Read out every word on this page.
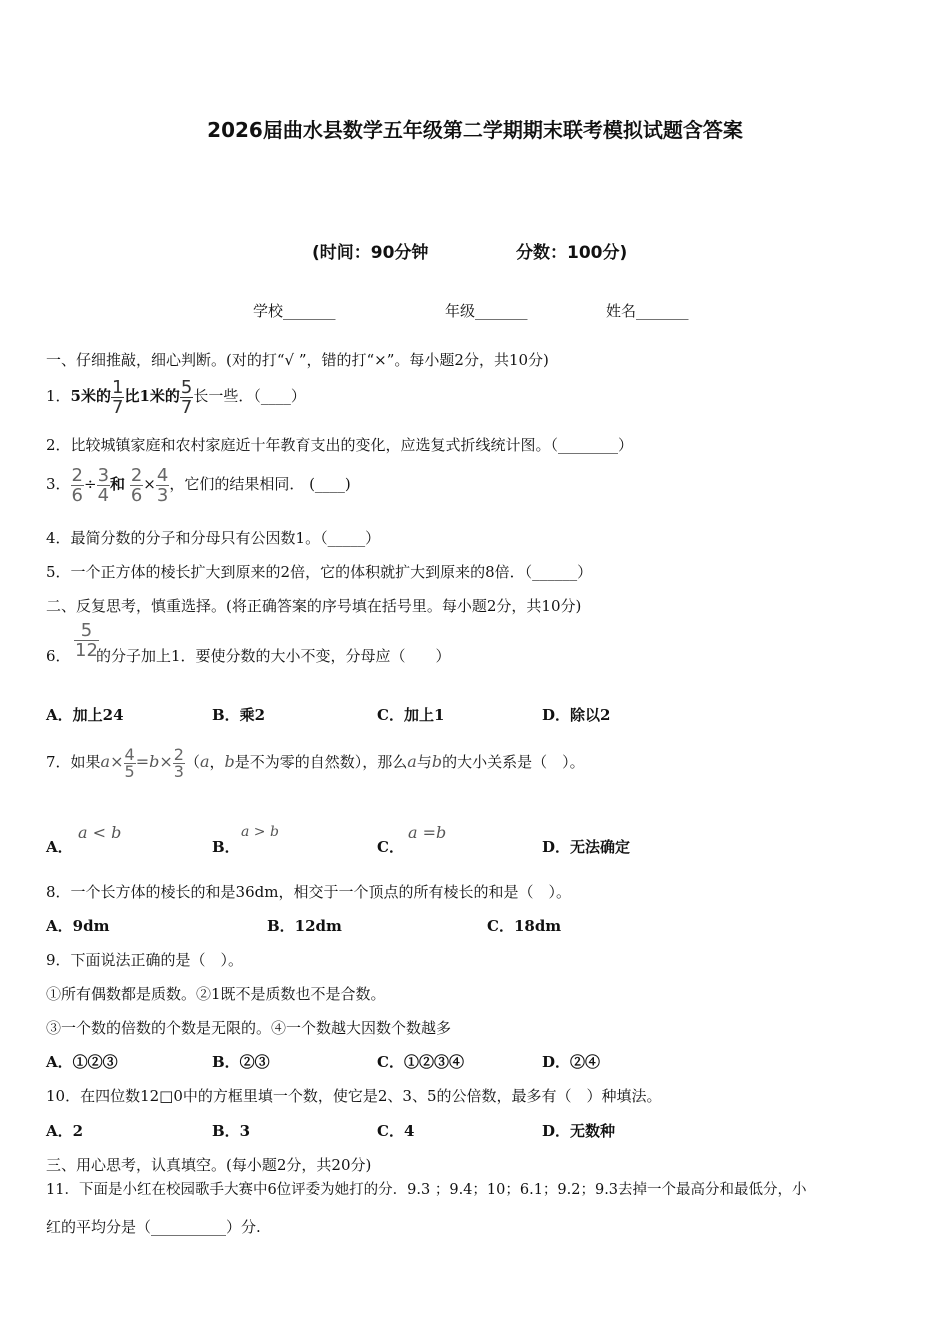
2026届曲水县数学五年级第二学期期末联考模拟试题含答案
(时间：90分钟	分数：100分)
学校_______	年级_______	姓名_______
一、仔细推敲，细心判断。(对的打“√ ”，错的打“×”。每小题2分，共10分)
1．5米的 $\frac{1}{7}$ 比1米的 $\frac{5}{7}$ 长一些．（____）
2．比较城镇家庭和农村家庭近十年教育支出的变化，应选复式折线统计图。（________）
3． $\frac{2}{6} \div \frac{3}{4}$ 和 $\frac{2}{6} \times \frac{4}{3}$ ，它们的结果相同． (____)
4．最简分数的分子和分母只有公因数1。（_____）
5．一个正方体的棱长扩大到原来的2倍，它的体积就扩大到原来的8倍．（______）
二、反复思考，慎重选择。(将正确答案的序号填在括号里。每小题2分，共10分)
$\frac{5}{12}$
6． 的分子加上1．要使分数的大小不变，分母应（　　）
A．加上24	B．乘2	C．加上1	D．除以2
7．如果$a\times \frac{4}{5} =b\times \frac{2}{3} (a$，b是不为零的自然数），那么a与b的大小关系是（　）。
A．
a < b
B．
a > b
C．
a =b
D．无法确定
8．一个长方体的棱长的和是36dm，相交于一个顶点的所有棱长的和是（　）。
A．9dm	B．12dm	C．18dm
9．下面说法正确的是（　）。
①所有偶数都是质数。②1既不是质数也不是合数。
③一个数的倍数的个数是无限的。④一个数越大因数个数越多
A．①②③	B．②③	C．①②③④	D．②④
10．在四位数12□0中的方框里填一个数，使它是2、3、5的公倍数，最多有（　）种填法。
A．2	B．3	C．4	D．无数种
三、用心思考，认真填空。(每小题2分，共20分)
11．下面是小红在校园歌手大赛中6位评委为她打的分．9.3 ；9.4；10；6.1；9.2；9.3去掉一个最高分和最低分，小
红的平均分是（__________）分.
